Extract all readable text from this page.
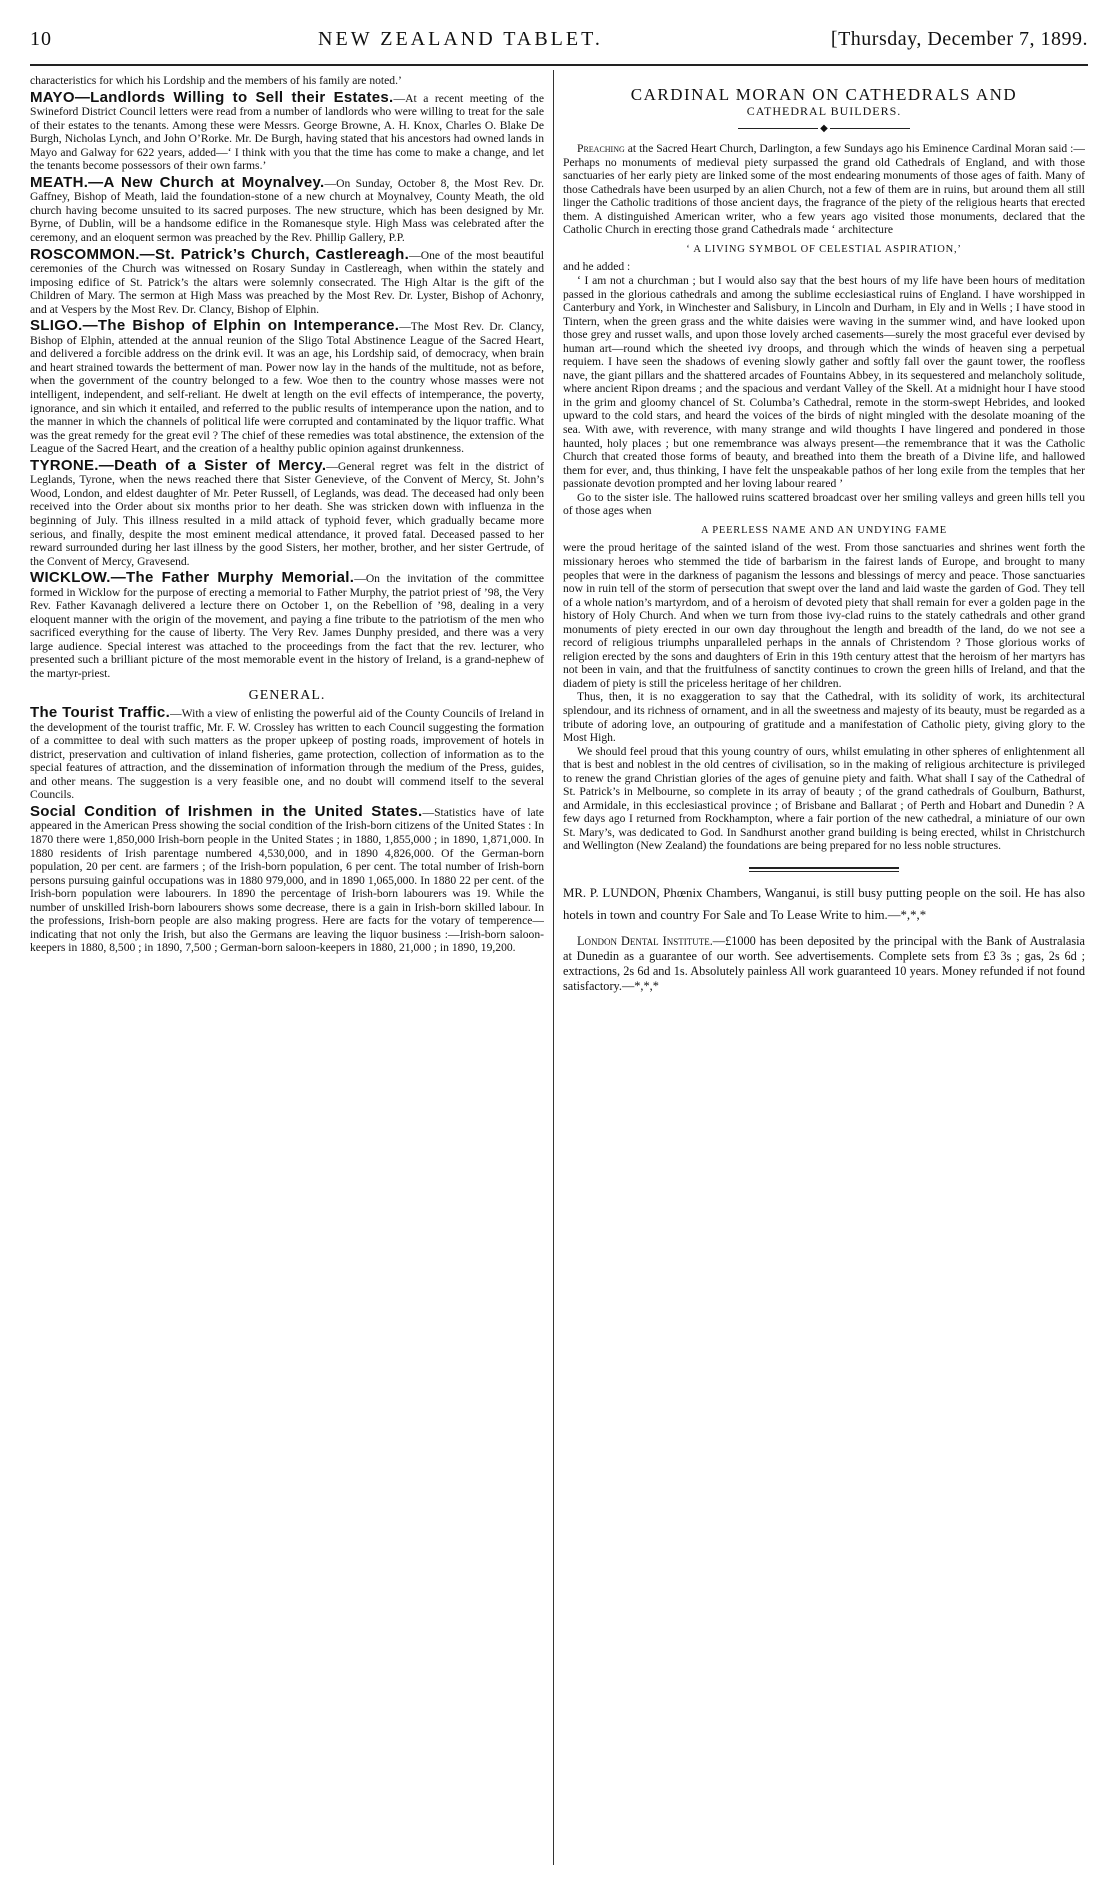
10	NEW ZEALAND TABLET.	[Thursday, December 7, 1899.

characteristics for which his Lordship and the members of his family are noted.’

MAYO—Landlords Willing to Sell their Estates.—At a recent meeting of the Swineford District Council letters were read from a number of landlords who were willing to treat for the sale of their estates to the tenants. Among these were Messrs. George Browne, A. H. Knox, Charles O. Blake De Burgh, Nicholas Lynch, and John O’Rorke. Mr. De Burgh, having stated that his ancestors had owned lands in Mayo and Galway for 622 years, added—‘ I think with you that the time has come to make a change, and let the tenants become possessors of their own farms.’

MEATH.—A New Church at Moynalvey.—On Sunday, October 8, the Most Rev. Dr. Gaffney, Bishop of Meath, laid the foundation-stone of a new church at Moynalvey, County Meath, the old church having become unsuited to its sacred purposes. The new structure, which has been designed by Mr. Byrne, of Dublin, will be a handsome edifice in the Romanesque style. High Mass was celebrated after the ceremony, and an eloquent sermon was preached by the Rev. Phillip Gallery, P.P.

ROSCOMMON.—St. Patrick’s Church, Castlereagh.—One of the most beautiful ceremonies of the Church was witnessed on Rosary Sunday in Castlereagh, when within the stately and imposing edifice of St. Patrick’s the altars were solemnly consecrated. The High Altar is the gift of the Children of Mary. The sermon at High Mass was preached by the Most Rev. Dr. Lyster, Bishop of Achonry, and at Vespers by the Most Rev. Dr. Clancy, Bishop of Elphin.

SLIGO.—The Bishop of Elphin on Intemperance.—The Most Rev. Dr. Clancy, Bishop of Elphin, attended at the annual reunion of the Sligo Total Abstinence League of the Sacred Heart, and delivered a forcible address on the drink evil. It was an age, his Lordship said, of democracy, when brain and heart strained towards the betterment of man. Power now lay in the hands of the multitude, not as before, when the government of the country belonged to a few. Woe then to the country whose masses were not intelligent, independent, and self-reliant. He dwelt at length on the evil effects of intemperance, the poverty, ignorance, and sin which it entailed, and referred to the public results of intemperance upon the nation, and to the manner in which the channels of political life were corrupted and contaminated by the liquor traffic. What was the great remedy for the great evil ? The chief of these remedies was total abstinence, the extension of the League of the Sacred Heart, and the creation of a healthy public opinion against drunkenness.

TYRONE.—Death of a Sister of Mercy.—General regret was felt in the district of Leglands, Tyrone, when the news reached there that Sister Genevieve, of the Convent of Mercy, St. John’s Wood, London, and eldest daughter of Mr. Peter Russell, of Leglands, was dead. The deceased had only been received into the Order about six months prior to her death. She was stricken down with influenza in the beginning of July. This illness resulted in a mild attack of typhoid fever, which gradually became more serious, and finally, despite the most eminent medical attendance, it proved fatal. Deceased passed to her reward surrounded during her last illness by the good Sisters, her mother, brother, and her sister Gertrude, of the Convent of Mercy, Gravesend.

WICKLOW.—The Father Murphy Memorial.—On the invitation of the committee formed in Wicklow for the purpose of erecting a memorial to Father Murphy, the patriot priest of ’98, the Very Rev. Father Kavanagh delivered a lecture there on October 1, on the Rebellion of ’98, dealing in a very eloquent manner with the origin of the movement, and paying a fine tribute to the patriotism of the men who sacrificed everything for the cause of liberty. The Very Rev. James Dunphy presided, and there was a very large audience. Special interest was attached to the proceedings from the fact that the rev. lecturer, who presented such a brilliant picture of the most memorable event in the history of Ireland, is a grand-nephew of the martyr-priest.

GENERAL.

The Tourist Traffic.—With a view of enlisting the powerful aid of the County Councils of Ireland in the development of the tourist traffic, Mr. F. W. Crossley has written to each Council suggesting the formation of a committee to deal with such matters as the proper upkeep of posting roads, improvement of hotels in district, preservation and cultivation of inland fisheries, game protection, collection of information as to the special features of attraction, and the dissemination of information through the medium of the Press, guides, and other means. The suggestion is a very feasible one, and no doubt will commend itself to the several Councils.

Social Condition of Irishmen in the United States.—Statistics have of late appeared in the American Press showing the social condition of the Irish-born citizens of the United States : In 1870 there were 1,850,000 Irish-born people in the United States ; in 1880, 1,855,000 ; in 1890, 1,871,000. In 1880 residents of Irish parentage numbered 4,530,000, and in 1890 4,826,000. Of the German-born population, 20 per cent. are farmers ; of the Irish-born population, 6 per cent. The total number of Irish-born persons pursuing gainful occupations was in 1880 979,000, and in 1890 1,065,000. In 1880 22 per cent. of the Irish-born population were labourers. In 1890 the percentage of Irish-born labourers was 19. While the number of unskilled Irish-born labourers shows some decrease, there is a gain in Irish-born skilled labour. In the professions, Irish-born people are also making progress. Here are facts for the votary of temperence—indicating that not only the Irish, but also the Germans are leaving the liquor business :—Irish-born saloon-keepers in 1880, 8,500 ; in 1890, 7,500 ; German-born saloon-keepers in 1880, 21,000 ; in 1890, 19,200.

CARDINAL MORAN ON CATHEDRALS AND
CATHEDRAL BUILDERS.
◆

Preaching at the Sacred Heart Church, Darlington, a few Sundays ago his Eminence Cardinal Moran said :—Perhaps no monuments of medieval piety surpassed the grand old Cathedrals of England, and with those sanctuaries of her early piety are linked some of the most endearing monuments of those ages of faith. Many of those Cathedrals have been usurped by an alien Church, not a few of them are in ruins, but around them all still linger the Catholic traditions of those ancient days, the fragrance of the piety of the religious hearts that erected them. A distinguished American writer, who a few years ago visited those monuments, declared that the Catholic Church in erecting those grand Cathedrals made ‘ architecture

‘ A LIVING SYMBOL OF CELESTIAL ASPIRATION,’

and he added :

‘ I am not a churchman ; but I would also say that the best hours of my life have been hours of meditation passed in the glorious cathedrals and among the sublime ecclesiastical ruins of England. I have worshipped in Canterbury and York, in Winchester and Salisbury, in Lincoln and Durham, in Ely and in Wells ; I have stood in Tintern, when the green grass and the white daisies were waving in the summer wind, and have looked upon those grey and russet walls, and upon those lovely arched casements—surely the most graceful ever devised by human art—round which the sheeted ivy droops, and through which the winds of heaven sing a perpetual requiem. I have seen the shadows of evening slowly gather and softly fall over the gaunt tower, the roofless nave, the giant pillars and the shattered arcades of Fountains Abbey, in its sequestered and melancholy solitude, where ancient Ripon dreams ; and the spacious and verdant Valley of the Skell. At a midnight hour I have stood in the grim and gloomy chancel of St. Columba’s Cathedral, remote in the storm-swept Hebrides, and looked upward to the cold stars, and heard the voices of the birds of night mingled with the desolate moaning of the sea. With awe, with reverence, with many strange and wild thoughts I have lingered and pondered in those haunted, holy places ; but one remembrance was always present—the remembrance that it was the Catholic Church that created those forms of beauty, and breathed into them the breath of a Divine life, and hallowed them for ever, and, thus thinking, I have felt the unspeakable pathos of her long exile from the temples that her passionate devotion prompted and her loving labour reared ’

Go to the sister isle. The hallowed ruins scattered broadcast over her smiling valleys and green hills tell you of those ages when

A PEERLESS NAME AND AN UNDYING FAME

were the proud heritage of the sainted island of the west. From those sanctuaries and shrines went forth the missionary heroes who stemmed the tide of barbarism in the fairest lands of Europe, and brought to many peoples that were in the darkness of paganism the lessons and blessings of mercy and peace. Those sanctuaries now in ruin tell of the storm of persecution that swept over the land and laid waste the garden of God. They tell of a whole nation’s martyrdom, and of a heroism of devoted piety that shall remain for ever a golden page in the history of Holy Church. And when we turn from those ivy-clad ruins to the stately cathedrals and other grand monuments of piety erected in our own day throughout the length and breadth of the land, do we not see a record of religious triumphs unparalleled perhaps in the annals of Christendom ? Those glorious works of religion erected by the sons and daughters of Erin in this 19th century attest that the heroism of her martyrs has not been in vain, and that the fruitfulness of sanctity continues to crown the green hills of Ireland, and that the diadem of piety is still the priceless heritage of her children.

Thus, then, it is no exaggeration to say that the Cathedral, with its solidity of work, its architectural splendour, and its richness of ornament, and in all the sweetness and majesty of its beauty, must be regarded as a tribute of adoring love, an outpouring of gratitude and a manifestation of Catholic piety, giving glory to the Most High.

We should feel proud that this young country of ours, whilst emulating in other spheres of enlightenment all that is best and noblest in the old centres of civilisation, so in the making of religious architecture is privileged to renew the grand Christian glories of the ages of genuine piety and faith. What shall I say of the Cathedral of St. Patrick’s in Melbourne, so complete in its array of beauty ; of the grand cathedrals of Goulburn, Bathurst, and Armidale, in this ecclesiastical province ; of Brisbane and Ballarat ; of Perth and Hobart and Dunedin ? A few days ago I returned from Rockhampton, where a fair portion of the new cathedral, a miniature of our own St. Mary’s, was dedicated to God. In Sandhurst another grand building is being erected, whilst in Christchurch and Wellington (New Zealand) the foundations are being prepared for no less noble structures.

MR. P. LUNDON, Phœnix Chambers, Wanganui, is still busy putting people on the soil. He has also hotels in town and country For Sale and To Lease Write to him.—*,*,*

London Dental Institute.—£1000 has been deposited by the principal with the Bank of Australasia at Dunedin as a guarantee of our worth. See advertisements. Complete sets from £3 3s ; gas, 2s 6d ; extractions, 2s 6d and 1s. Absolutely painless All work guaranteed 10 years. Money refunded if not found satisfactory.—*,*,*
